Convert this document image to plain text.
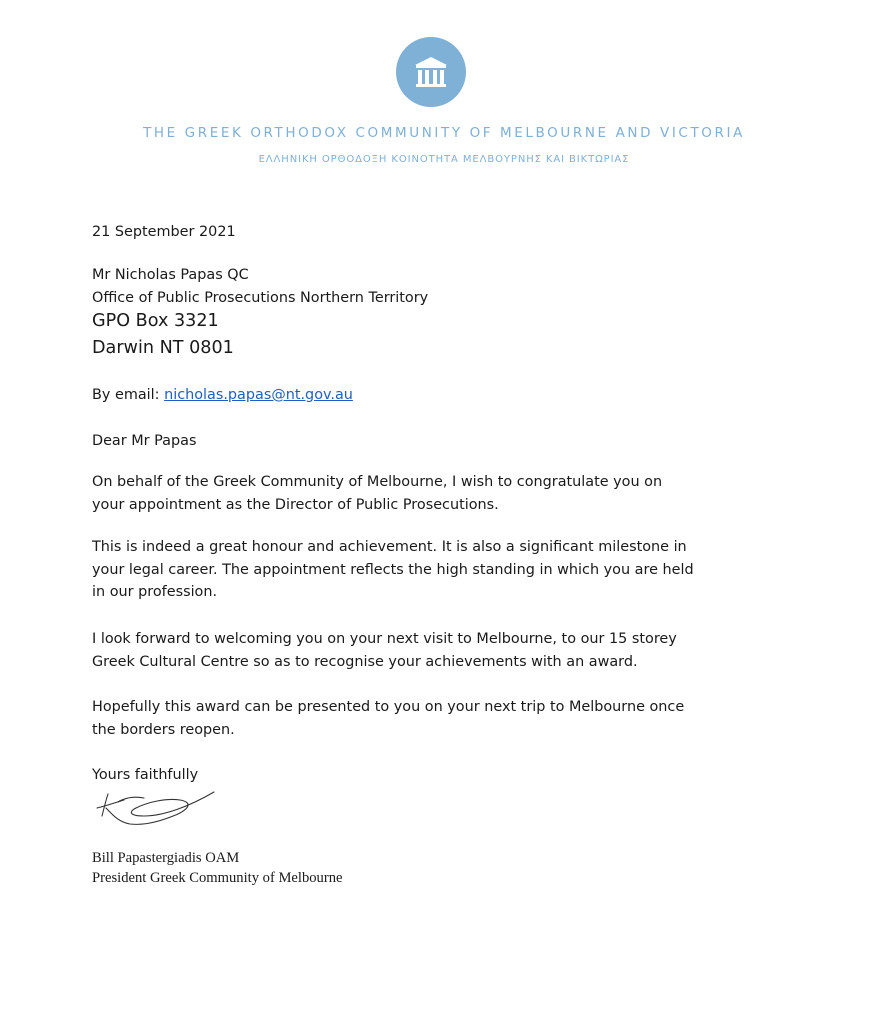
THE GREEK ORTHODOX COMMUNITY OF MELBOURNE AND VICTORIA
ΕΛΛΗΝΙΚΗ ΟΡΘΟΔΟΞΗ ΚΟΙΝΟΤΗΤΑ ΜΕΛΒΟΥΡΝΗΣ ΚΑΙ ΒΙΚΤΩΡΙΑΣ
21 September 2021
Mr Nicholas Papas QC
Office of Public Prosecutions Northern Territory
GPO Box 3321
Darwin NT 0801
By email: nicholas.papas@nt.gov.au
Dear Mr Papas
On behalf of the Greek Community of Melbourne, I wish to congratulate you on
your appointment as the Director of Public Prosecutions.
This is indeed a great honour and achievement. It is also a significant milestone in
your legal career. The appointment reflects the high standing in which you are held
in our profession.
I look forward to welcoming you on your next visit to Melbourne, to our 15 storey
Greek Cultural Centre so as to recognise your achievements with an award.
Hopefully this award can be presented to you on your next trip to Melbourne once
the borders reopen.
Yours faithfully
Bill Papastergiadis OAM
President Greek Community of Melbourne
